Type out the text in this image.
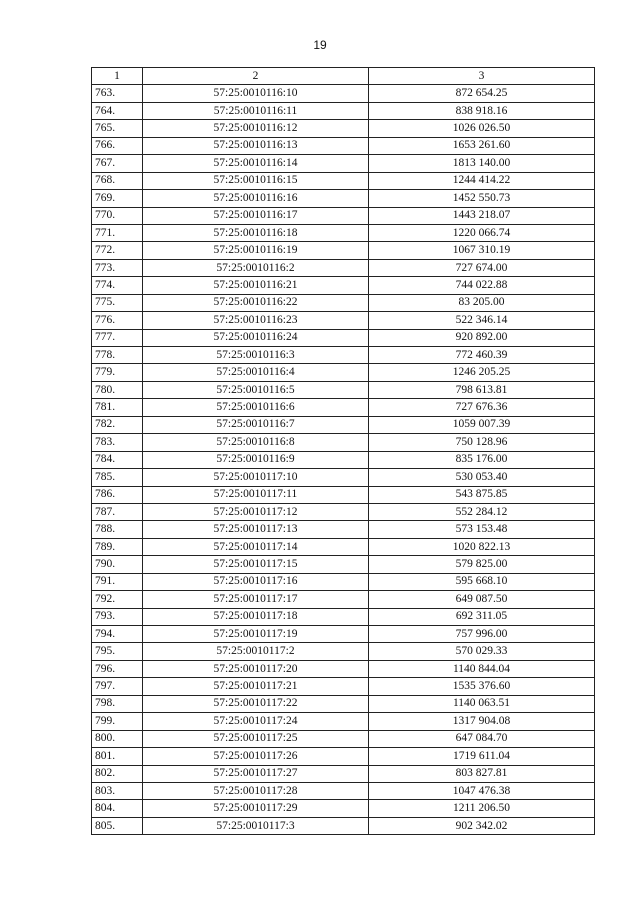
19
1	2	3
763.	57:25:0010116:10	872 654.25
764.	57:25:0010116:11	838 918.16
765.	57:25:0010116:12	1026 026.50
766.	57:25:0010116:13	1653 261.60
767.	57:25:0010116:14	1813 140.00
768.	57:25:0010116:15	1244 414.22
769.	57:25:0010116:16	1452 550.73
770.	57:25:0010116:17	1443 218.07
771.	57:25:0010116:18	1220 066.74
772.	57:25:0010116:19	1067 310.19
773.	57:25:0010116:2	727 674.00
774.	57:25:0010116:21	744 022.88
775.	57:25:0010116:22	83 205.00
776.	57:25:0010116:23	522 346.14
777.	57:25:0010116:24	920 892.00
778.	57:25:0010116:3	772 460.39
779.	57:25:0010116:4	1246 205.25
780.	57:25:0010116:5	798 613.81
781.	57:25:0010116:6	727 676.36
782.	57:25:0010116:7	1059 007.39
783.	57:25:0010116:8	750 128.96
784.	57:25:0010116:9	835 176.00
785.	57:25:0010117:10	530 053.40
786.	57:25:0010117:11	543 875.85
787.	57:25:0010117:12	552 284.12
788.	57:25:0010117:13	573 153.48
789.	57:25:0010117:14	1020 822.13
790.	57:25:0010117:15	579 825.00
791.	57:25:0010117:16	595 668.10
792.	57:25:0010117:17	649 087.50
793.	57:25:0010117:18	692 311.05
794.	57:25:0010117:19	757 996.00
795.	57:25:0010117:2	570 029.33
796.	57:25:0010117:20	1140 844.04
797.	57:25:0010117:21	1535 376.60
798.	57:25:0010117:22	1140 063.51
799.	57:25:0010117:24	1317 904.08
800.	57:25:0010117:25	647 084.70
801.	57:25:0010117:26	1719 611.04
802.	57:25:0010117:27	803 827.81
803.	57:25:0010117:28	1047 476.38
804.	57:25:0010117:29	1211 206.50
805.	57:25:0010117:3	902 342.02
